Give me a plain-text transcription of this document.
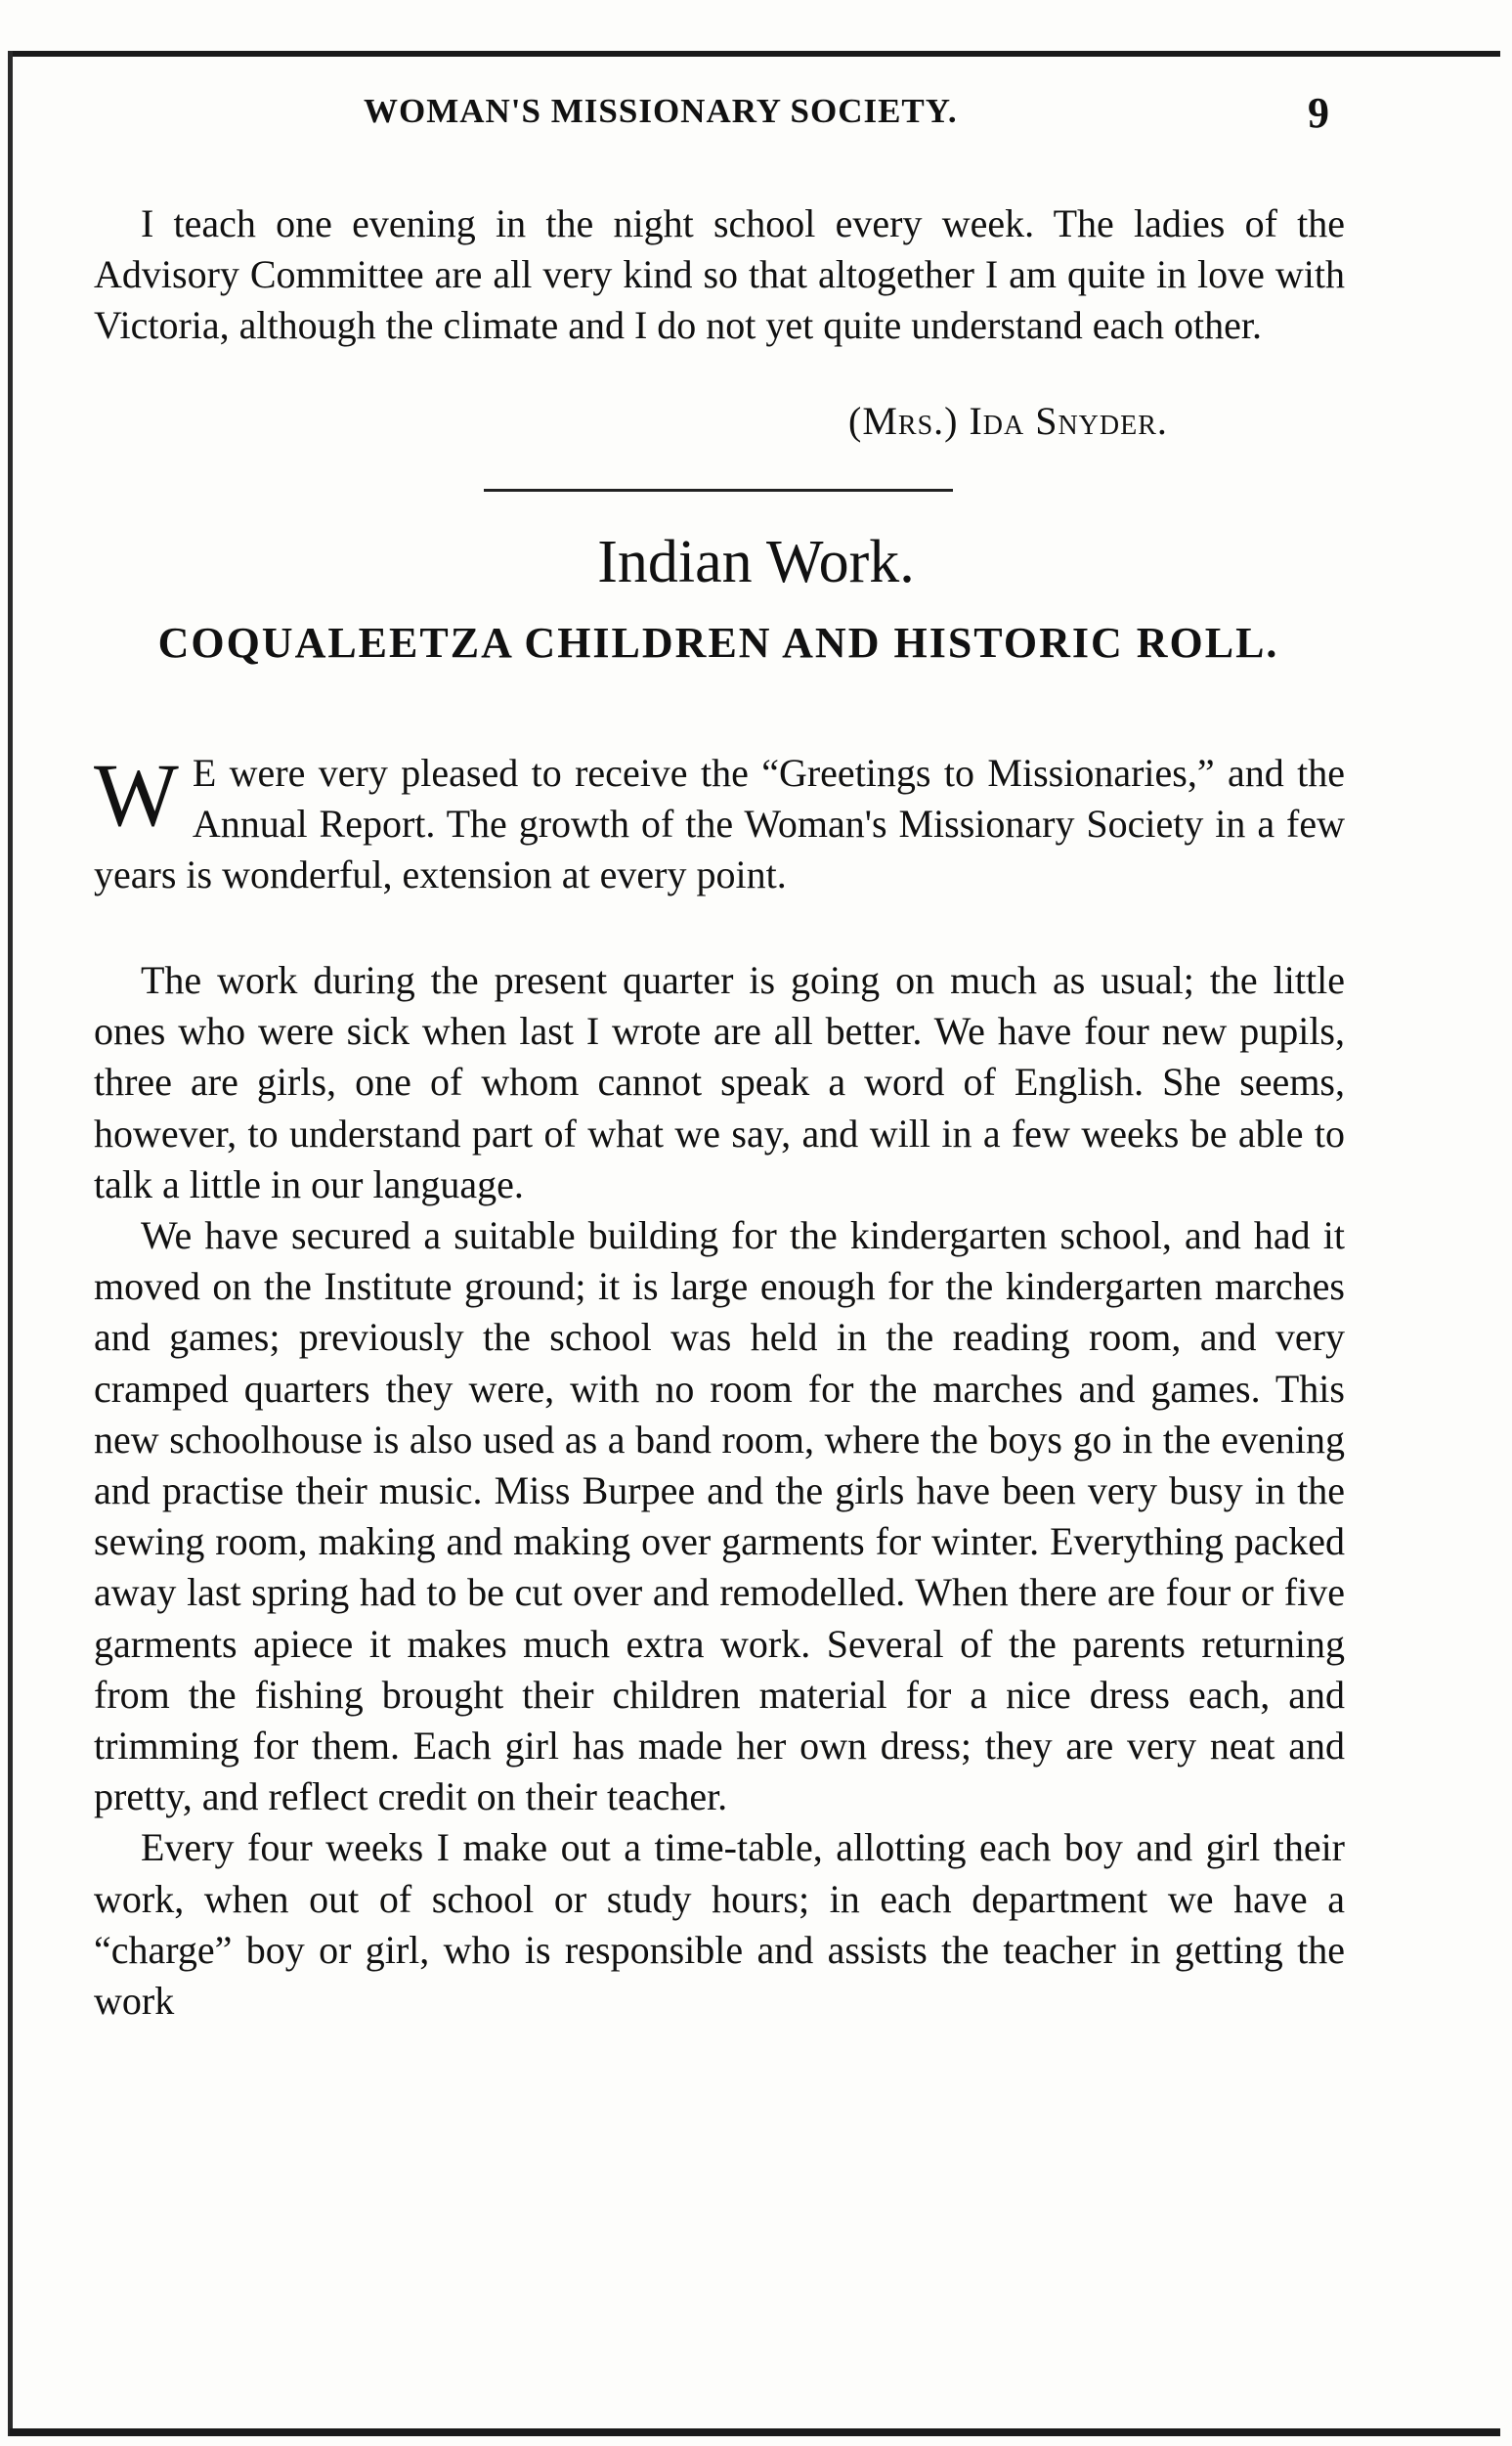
WOMAN'S MISSIONARY SOCIETY.	9

I teach one evening in the night school every week. The ladies of the Advisory Committee are all very kind so that altogether I am quite in love with Victoria, although the climate and I do not yet quite understand each other.

(Mrs.) Ida Snyder.
Indian Work.
COQUALEETZA CHILDREN AND HISTORIC ROLL.

W E were very pleased to receive the “Greetings to Missionaries,” and the Annual Report. The growth of the Woman's Missionary Society in a few years is wonderful, extension at every point.

The work during the present quarter is going on much as usual; the little ones who were sick when last I wrote are all better. We have four new pupils, three are girls, one of whom cannot speak a word of English. She seems, however, to understand part of what we say, and will in a few weeks be able to talk a little in our language.

We have secured a suitable building for the kindergarten school, and had it moved on the Institute ground; it is large enough for the kindergarten marches and games; previously the school was held in the reading room, and very cramped quarters they were, with no room for the marches and games. This new schoolhouse is also used as a band room, where the boys go in the evening and practise their music. Miss Burpee and the girls have been very busy in the sewing room, making and making over garments for winter. Everything packed away last spring had to be cut over and remodelled. When there are four or five garments apiece it makes much extra work. Several of the parents returning from the fishing brought their children material for a nice dress each, and trimming for them. Each girl has made her own dress; they are very neat and pretty, and reflect credit on their teacher.

Every four weeks I make out a time-table, allotting each boy and girl their work, when out of school or study hours; in each department we have a “charge” boy or girl, who is responsible and assists the teacher in getting the work
